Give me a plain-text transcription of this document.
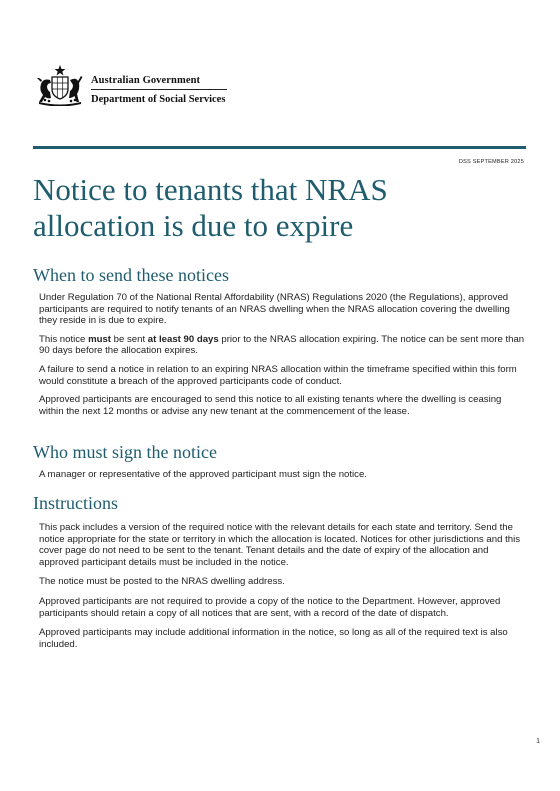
Australian Government
Department of Social Services
DSS SEPTEMBER 2025
Notice to tenants that NRAS allocation is due to expire
When to send these notices

Under Regulation 70 of the National Rental Affordability (NRAS) Regulations 2020 (the Regulations), approved participants are required to notify tenants of an NRAS dwelling when the NRAS allocation covering the dwelling they reside in is due to expire.

This notice must be sent at least 90 days prior to the NRAS allocation expiring. The notice can be sent more than 90 days before the allocation expires.

A failure to send a notice in relation to an expiring NRAS allocation within the timeframe specified within this form would constitute a breach of the approved participants code of conduct.

Approved participants are encouraged to send this notice to all existing tenants where the dwelling is ceasing within the next 12 months or advise any new tenant at the commencement of the lease.

Who must sign the notice

A manager or representative of the approved participant must sign the notice.

Instructions

This pack includes a version of the required notice with the relevant details for each state and territory. Send the notice appropriate for the state or territory in which the allocation is located. Notices for other jurisdictions and this cover page do not need to be sent to the tenant. Tenant details and the date of expiry of the allocation and approved participant details must be included in the notice.

The notice must be posted to the NRAS dwelling address.

Approved participants are not required to provide a copy of the notice to the Department. However, approved participants should retain a copy of all notices that are sent, with a record of the date of dispatch.

Approved participants may include additional information in the notice, so long as all of the required text is also included.

1
